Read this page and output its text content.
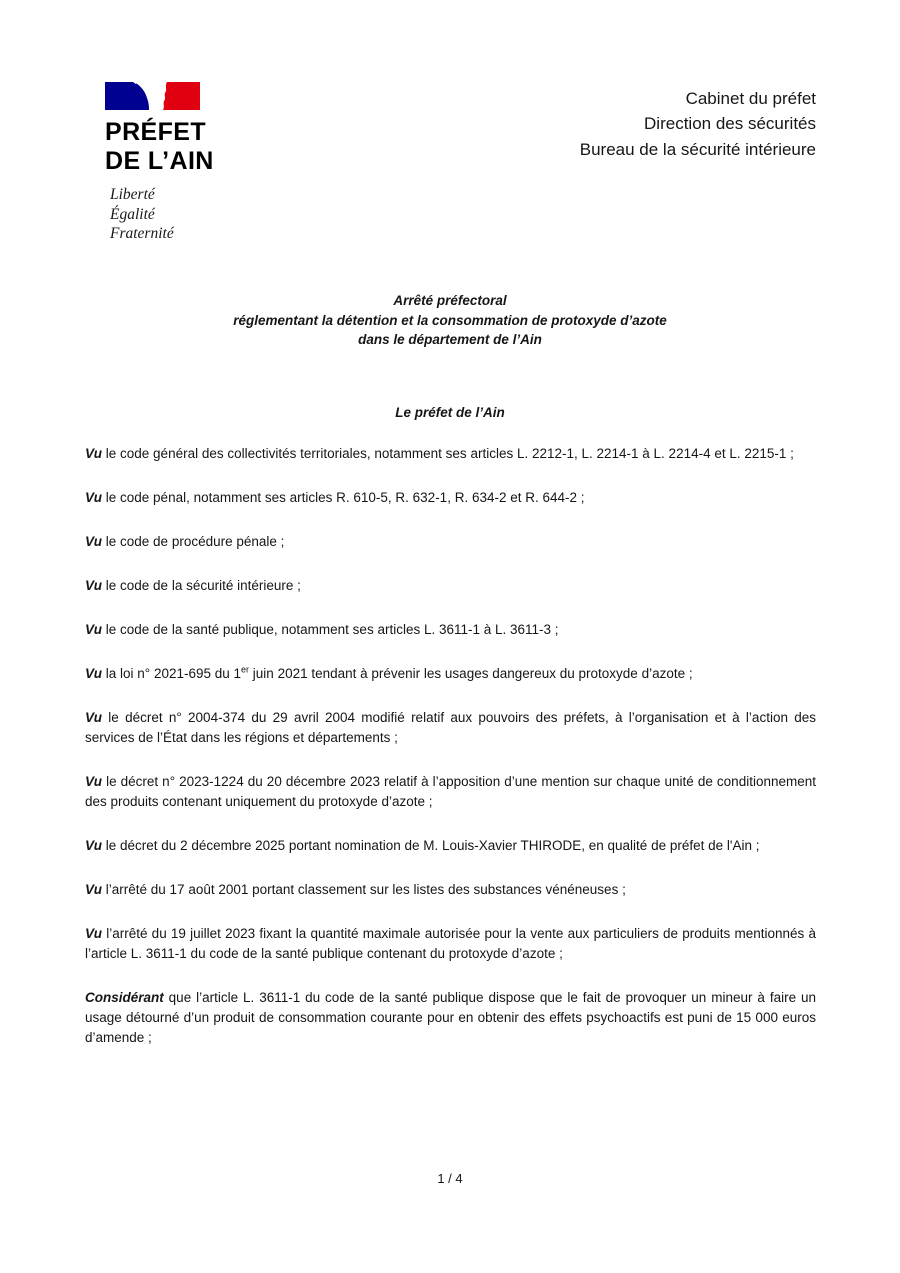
PRÉFET
DE L’AIN
Liberté
Égalité
Fraternité
Cabinet du préfet
Direction des sécurités
Bureau de la sécurité intérieure
Arrêté préfectoral
réglementant la détention et la consommation de protoxyde d’azote
dans le département de l’Ain
Le préfet de l’Ain

Vu le code général des collectivités territoriales, notamment ses articles L. 2212-1, L. 2214-1 à L. 2214-4 et L. 2215-1 ;

Vu le code pénal, notamment ses articles R. 610-5, R. 632-1, R. 634-2 et R. 644-2 ;

Vu le code de procédure pénale ;

Vu le code de la sécurité intérieure ;

Vu le code de la santé publique, notamment ses articles L. 3611-1 à L. 3611-3 ;

Vu la loi n° 2021-695 du 1er juin 2021 tendant à prévenir les usages dangereux du protoxyde d’azote ;

Vu le décret n° 2004-374 du 29 avril 2004 modifié relatif aux pouvoirs des préfets, à l’organisation et à l’action des services de l’État dans les régions et départements ;

Vu le décret n° 2023-1224 du 20 décembre 2023 relatif à l’apposition d’une mention sur chaque unité de conditionnement des produits contenant uniquement du protoxyde d’azote ;

Vu le décret du 2 décembre 2025 portant nomination de M. Louis-Xavier THIRODE, en qualité de préfet de l'Ain ;

Vu l’arrêté du 17 août 2001 portant classement sur les listes des substances vénéneuses ;

Vu l’arrêté du 19 juillet 2023 fixant la quantité maximale autorisée pour la vente aux particuliers de produits mentionnés à l’article L. 3611-1 du code de la santé publique contenant du protoxyde d’azote ;

Considérant que l’article L. 3611-1 du code de la santé publique dispose que le fait de provoquer un mineur à faire un usage détourné d’un produit de consommation courante pour en obtenir des effets psychoactifs est puni de 15 000 euros d’amende ;

1 / 4
